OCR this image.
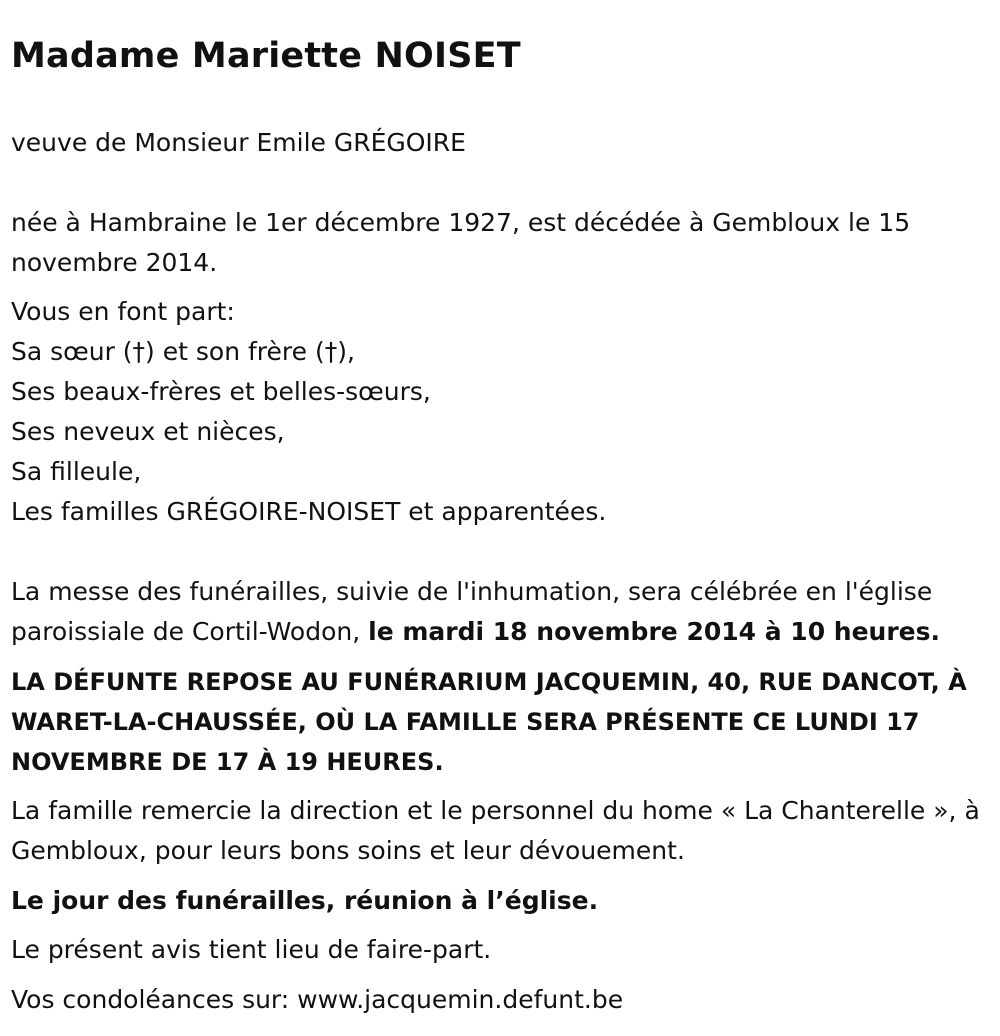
Madame Mariette NOISET

veuve de Monsieur Emile GRÉGOIRE

née à Hambraine le 1er décembre 1927, est décédée à Gembloux le 15 novembre 2014.

Vous en font part:

Sa sœur (†) et son frère (†),

Ses beaux-frères et belles-sœurs,

Ses neveux et nièces,

Sa filleule,

Les familles GRÉGOIRE-NOISET et apparentées.

La messe des funérailles, suivie de l'inhumation, sera célébrée en l'église paroissiale de Cortil-Wodon, le mardi 18 novembre 2014 à 10 heures.

LA DÉFUNTE REPOSE AU FUNÉRARIUM JACQUEMIN, 40, RUE DANCOT, À WARET-LA-CHAUSSÉE, OÙ LA FAMILLE SERA PRÉSENTE CE LUNDI 17 NOVEMBRE DE 17 À 19 HEURES.

La famille remercie la direction et le personnel du home « La Chanterelle », à Gembloux, pour leurs bons soins et leur dévouement.

Le jour des funérailles, réunion à l’église.

Le présent avis tient lieu de faire-part.

Vos condoléances sur: www.jacquemin.defunt.be
